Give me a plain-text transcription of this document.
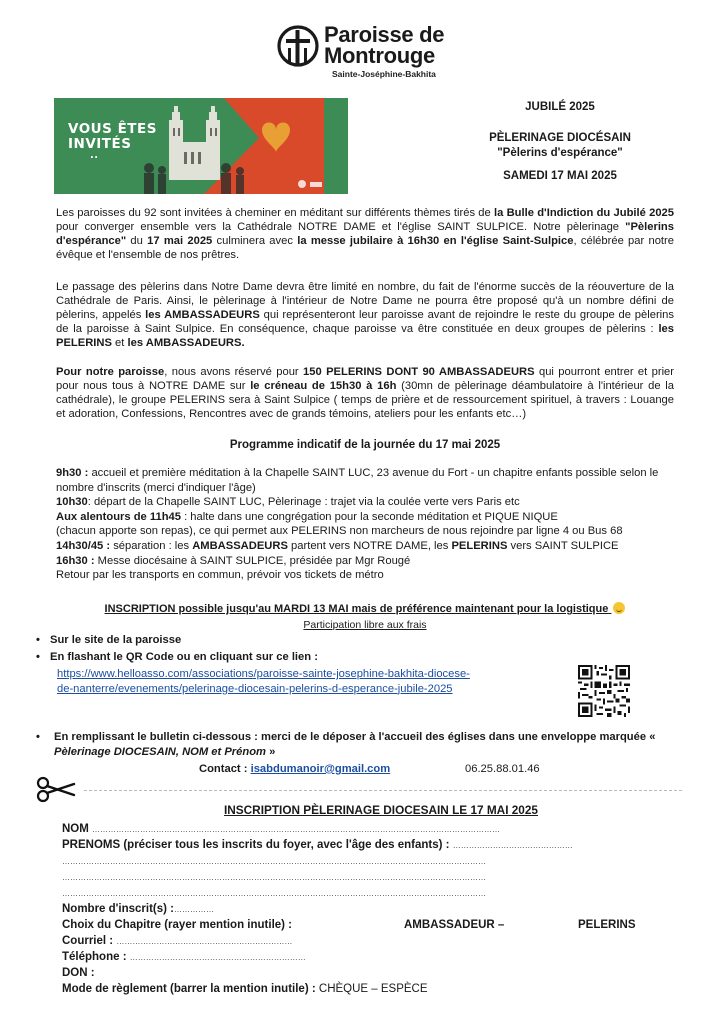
Paroisse de
Montrouge
Sainte-Joséphine-Bakhita
VOUS ÊTES
INVITÉS
..
JUBILÉ 2025
PÈLERINAGE DIOCÉSAIN
"Pèlerins d'espérance"
SAMEDI 17 MAI 2025
Les paroisses du 92 sont invitées à cheminer en méditant sur différents thèmes tirés de la Bulle d'Indiction du Jubilé 2025 pour converger ensemble vers la Cathédrale NOTRE DAME et l'église SAINT SULPICE. Notre pèlerinage "Pèlerins d'espérance" du 17 mai 2025 culminera avec la messe jubilaire à 16h30 en l'église Saint-Sulpice, célébrée par notre évêque et l'ensemble de nos prêtres.
Le passage des pèlerins dans Notre Dame devra être limité en nombre, du fait de l'énorme succès de la réouverture de la Cathédrale de Paris. Ainsi, le pèlerinage à l'intérieur de Notre Dame ne pourra être proposé qu'à un nombre défini de pèlerins, appelés les AMBASSADEURS qui représenteront leur paroisse avant de rejoindre le reste du groupe de pèlerins de la paroisse à Saint Sulpice. En conséquence, chaque paroisse va être constituée en deux groupes de pèlerins : les PELERINS et les AMBASSADEURS.
Pour notre paroisse, nous avons réservé pour 150 PELERINS DONT 90 AMBASSADEURS qui pourront entrer et prier pour nous tous à NOTRE DAME sur le créneau de 15h30 à 16h (30mn de pèlerinage déambulatoire à l'intérieur de la cathédrale), le groupe PELERINS sera à Saint Sulpice ( temps de prière et de ressourcement spirituel, à travers : Louange et adoration, Confessions, Rencontres avec de grands témoins, ateliers pour les enfants etc…)
Programme indicatif de la journée du 17 mai 2025
9h30 : accueil et première méditation à la Chapelle SAINT LUC, 23 avenue du Fort - un chapitre enfants possible selon le
nombre d'inscrits (merci d'indiquer l'âge)
10h30: départ de la Chapelle SAINT LUC, Pèlerinage : trajet via la coulée verte vers Paris etc
Aux alentours de 11h45 : halte dans une congrégation pour la seconde méditation et PIQUE NIQUE
(chacun apporte son repas), ce qui permet aux PELERINS non marcheurs de nous rejoindre par ligne 4 ou Bus 68
14h30/45 : séparation : les AMBASSADEURS partent vers NOTRE DAME, les PELERINS vers SAINT SULPICE
16h30 : Messe diocésaine à SAINT SULPICE, présidée par Mgr Rougé
Retour par les transports en commun, prévoir vos tickets de métro
INSCRIPTION possible jusqu'au MARDI 13 MAI mais de préférence maintenant pour la logistique
Participation libre aux frais
• Sur le site de la paroisse
• En flashant le QR Code ou en cliquant sur ce lien :
https://www.helloasso.com/associations/paroisse-sainte-josephine-bakhita-diocese-
de-nanterre/evenements/pelerinage-diocesain-pelerins-d-esperance-jubile-2025
• En remplissant le bulletin ci-dessous : merci de le déposer à l'accueil des églises dans une enveloppe marquée « Pèlerinage DIOCESAIN, NOM et Prénom »
Contact : isabdumanoir@gmail.com	06.25.88.01.46
INSCRIPTION PÈLERINAGE DIOCESAIN LE 17 MAI 2025
NOM ………………………………………………………………………………………………………………………………………
PRENOMS (préciser tous les inscrits du foyer, avec l'âge des enfants) : ………………………………………
……………………………………………………………………………………………………………………………………………
……………………………………………………………………………………………………………………………………………
……………………………………………………………………………………………………………………………………………
Nombre d'inscrit(s) :……………
Choix du Chapitre (rayer mention inutile) :	AMBASSADEUR –	PELERINS
Courriel : …………………………………………………………
Téléphone : …………………………………………………………
DON :
Mode de règlement (barrer la mention inutile) : CHÈQUE – ESPÈCE
